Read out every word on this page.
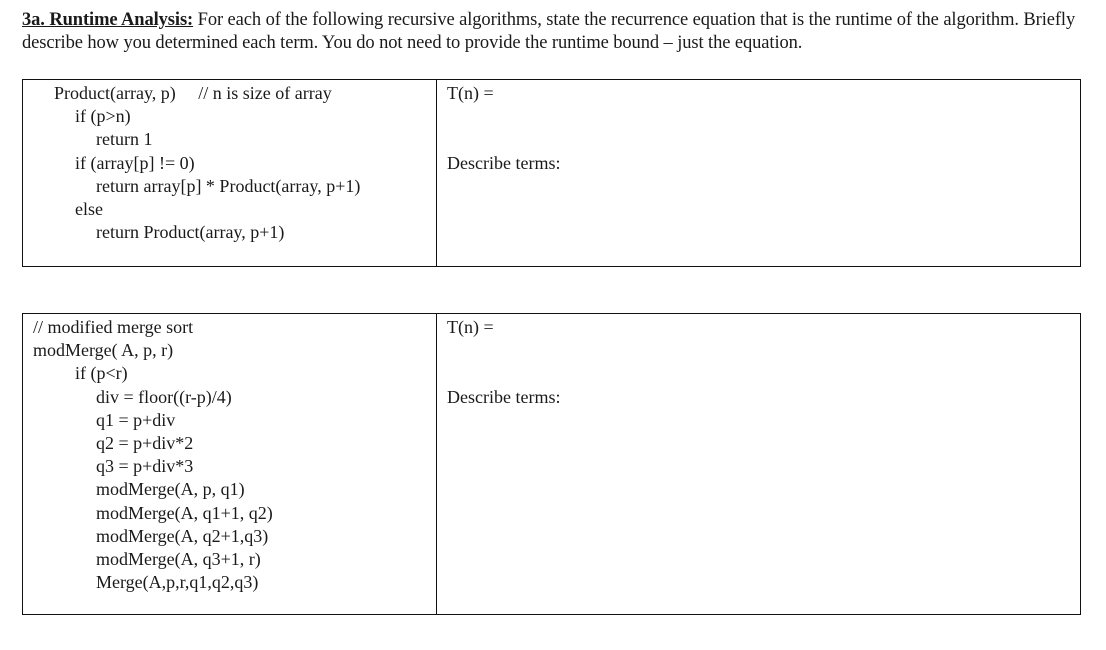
3a. Runtime Analysis: For each of the following recursive algorithms, state the recurrence equation that is the runtime of the algorithm. Briefly describe how you determined each term. You do not need to provide the runtime bound – just the equation.
Product(array, p)     // n is size of array
if (p>n)
return 1
if (array[p] != 0)
return array[p] * Product(array, p+1)
else
return Product(array, p+1)

T(n) =
Describe terms:
// modified merge sort
modMerge( A, p, r)
if (p<r)
div = floor((r-p)/4)
q1 = p+div
q2 = p+div*2
q3 = p+div*3
modMerge(A, p, q1)
modMerge(A, q1+1, q2)
modMerge(A, q2+1,q3)
modMerge(A, q3+1, r)
Merge(A,p,r,q1,q2,q3)

T(n) =
Describe terms:
